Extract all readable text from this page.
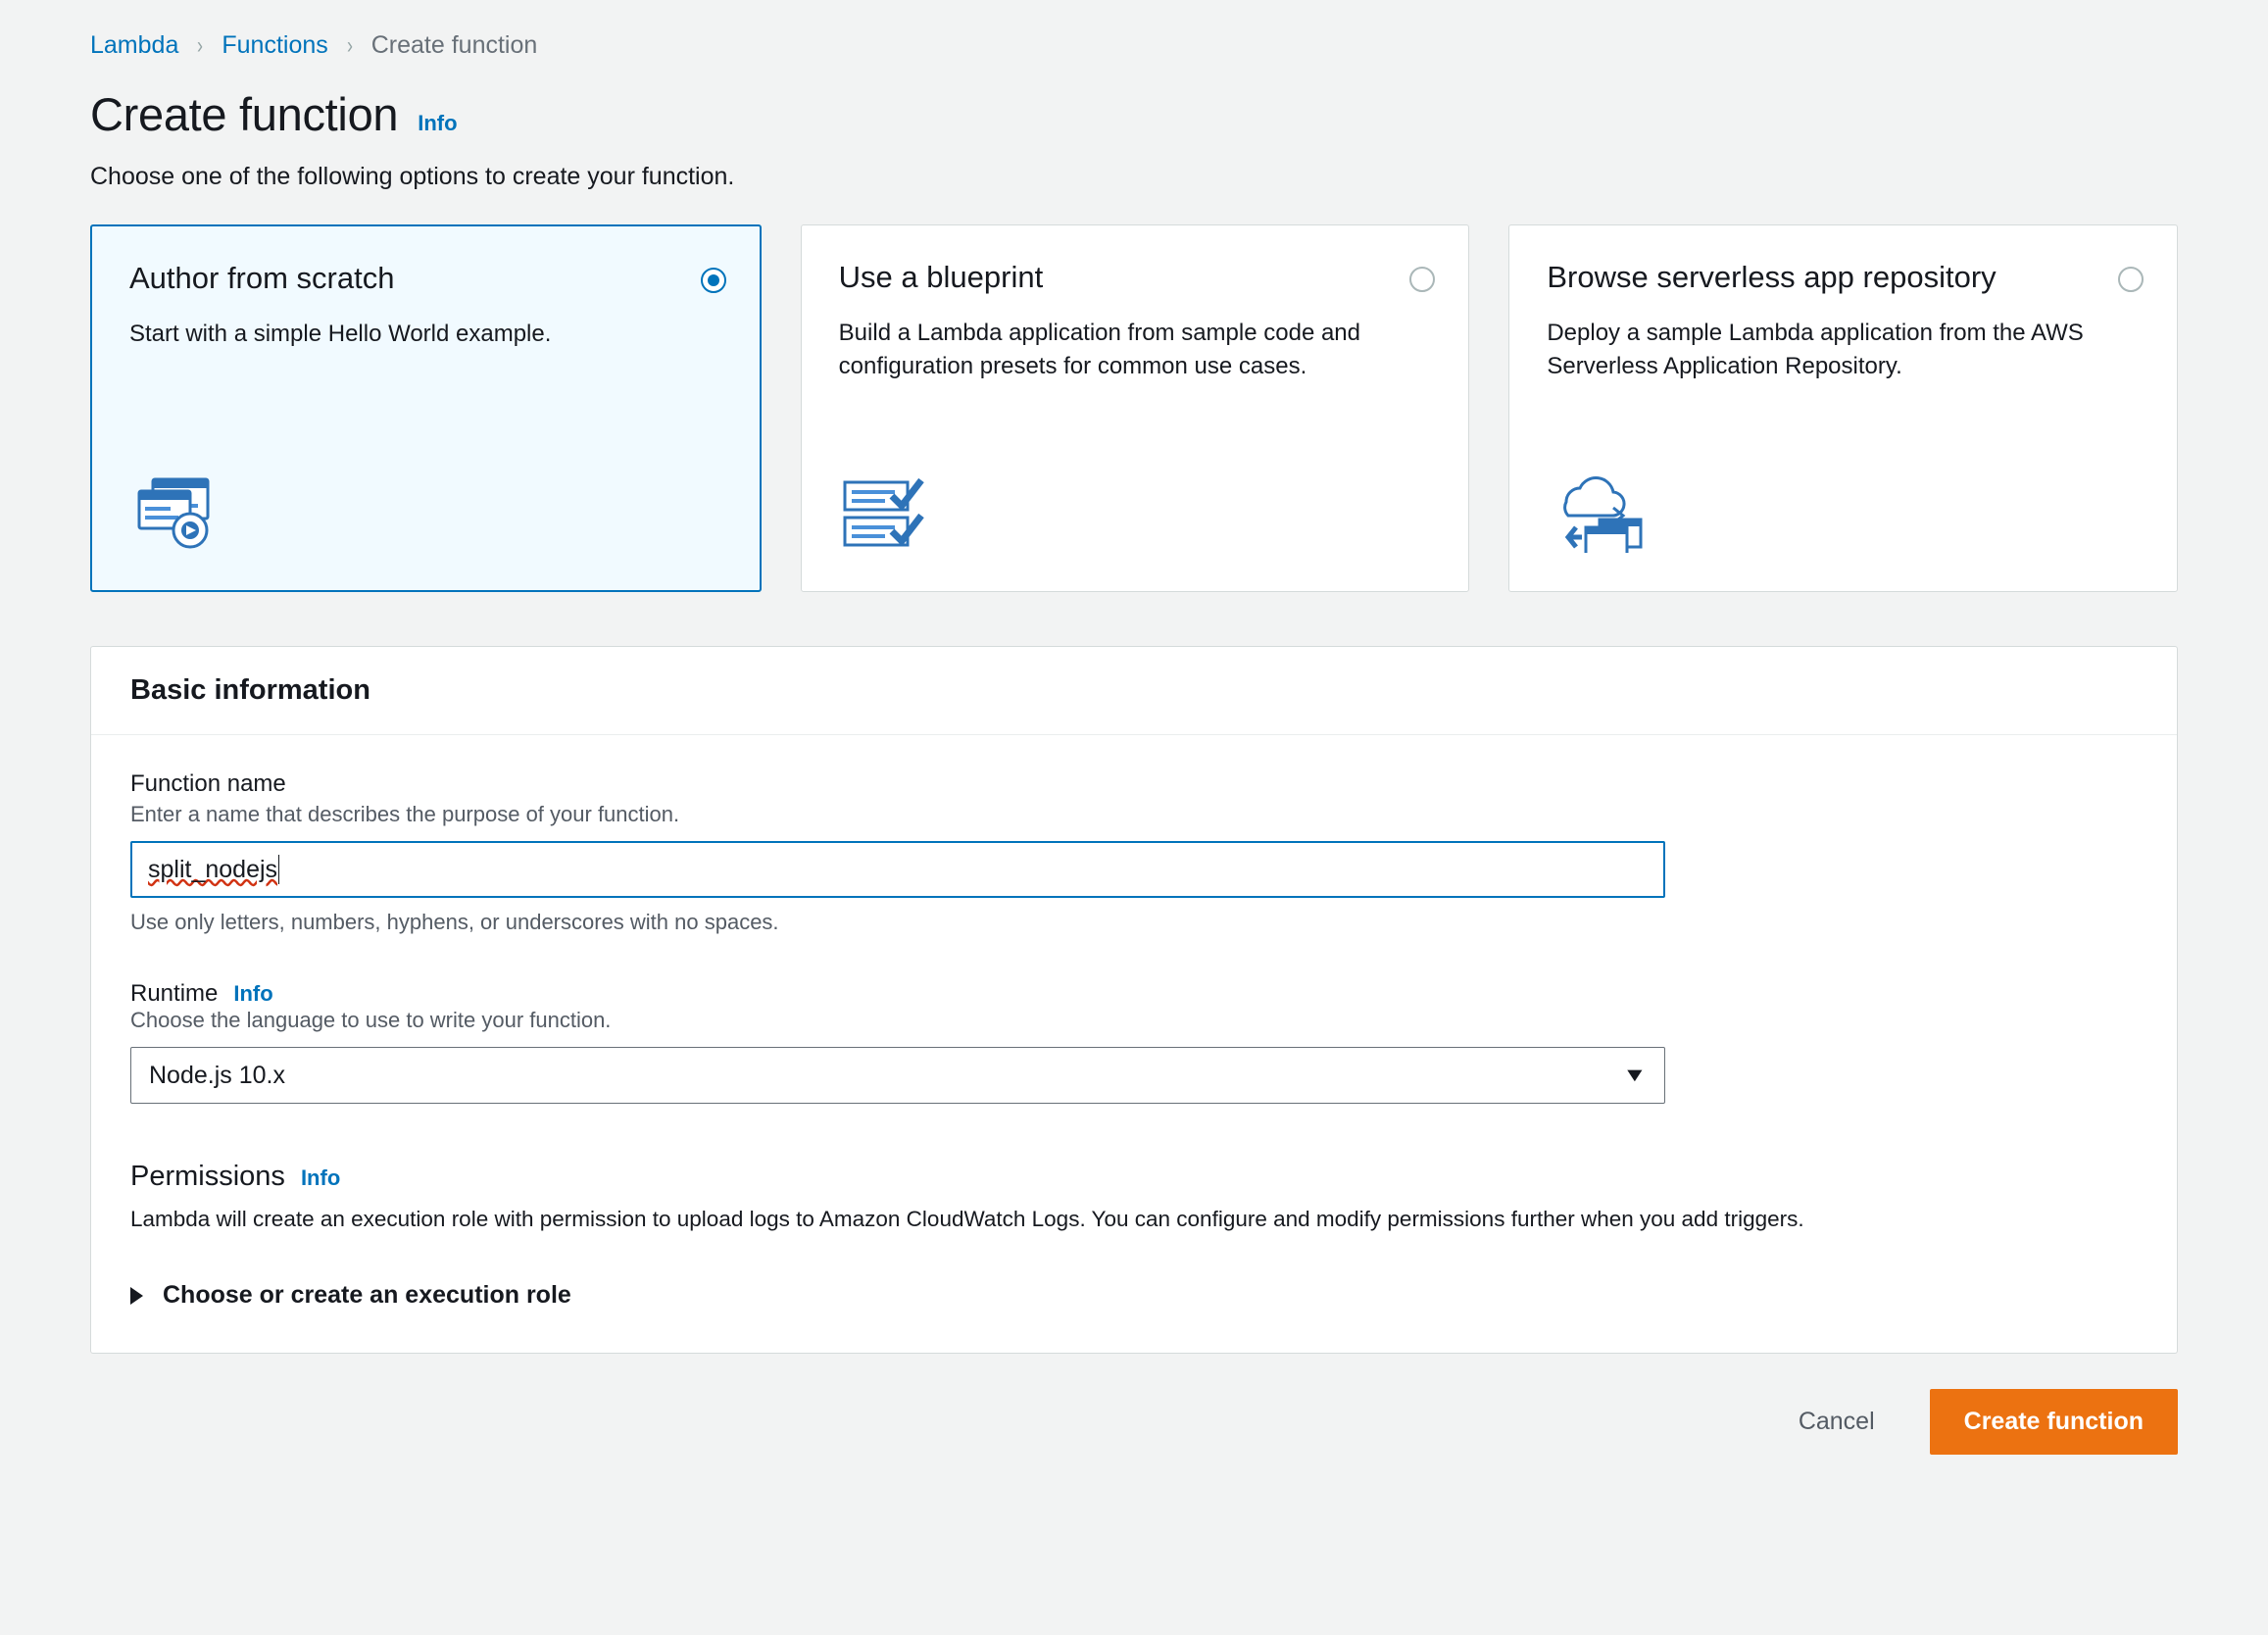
Lambda › Functions › Create function
Create function Info

Choose one of the following options to create your function.

Author from scratch

Start with a simple Hello World example.

Use a blueprint

Build a Lambda application from sample code and configuration presets for common use cases.

Browse serverless app repository

Deploy a sample Lambda application from the AWS Serverless Application Repository.

Basic information

Function name

Enter a name that describes the purpose of your function.

split_nodejs

Use only letters, numbers, hyphens, or underscores with no spaces.

Runtime Info

Choose the language to use to write your function.

Node.js 10.x	▼
Permissions Info

Lambda will create an execution role with permission to upload logs to Amazon CloudWatch Logs. You can configure and modify permissions further when you add triggers.

Choose or create an execution role
Cancel	Create function
